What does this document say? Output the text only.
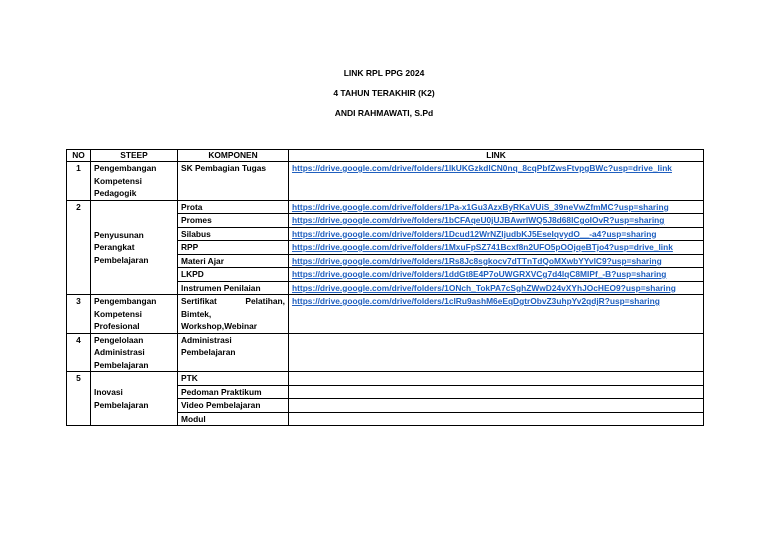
LINK RPL PPG 2024
4 TAHUN TERAKHIR (K2)
ANDI RAHMAWATI, S.Pd
NO	STEEP	KOMPONEN	LINK
1	Pengembangan Kompetensi Pedagogik	SK Pembagian Tugas	https://drive.google.com/drive/folders/1lkUKGzkdlCN0nq_8cqPbfZwsFtvpgBWc?usp=drive_link

2	Penyusunan Perangkat Pembelajaran	Prota	https://drive.google.com/drive/folders/1Pa-x1Gu3AzxByRKaVUiS_39neVwZfmMC?usp=sharing

		Promes	https://drive.google.com/drive/folders/1bCFAqeU0jUJBAwrlWQ5J8d68lCgoIOvR?usp=sharing

		Silabus	https://drive.google.com/drive/folders/1Dcud12WrNZljudbKJ5EseIqvydO__-a4?usp=sharing

		RPP	https://drive.google.com/drive/folders/1MxuFpSZ741Bcxf8n2UFO5pOOjqeBTjo4?usp=drive_link

		Materi Ajar	https://drive.google.com/drive/folders/1Rs8Jc8sgkocv7dTTnTdQoMXwbYYvlC9?usp=sharing

		LKPD	https://drive.google.com/drive/folders/1ddGt8E4P7oUWGRXVCg7d4lqC8MIPf_-B?usp=sharing

		Instrumen Penilaian	https://drive.google.com/drive/folders/1ONch_TokPA7cSghZWwD24vXYhJOcHEO9?usp=sharing

3	Pengembangan Kompetensi Profesional	Sertifikat Pelatihan, Bimtek, Workshop,Webinar	https://drive.google.com/drive/folders/1clRu9ashM6eEqDgtrObvZ3uhpYv2qdjR?usp=sharing

4	Pengelolaan Administrasi Pembelajaran	Administrasi Pembelajaran	
5	Inovasi Pembelajaran	PTK	
		Pedoman Praktikum	
		Video Pembelajaran	
		Modul	
